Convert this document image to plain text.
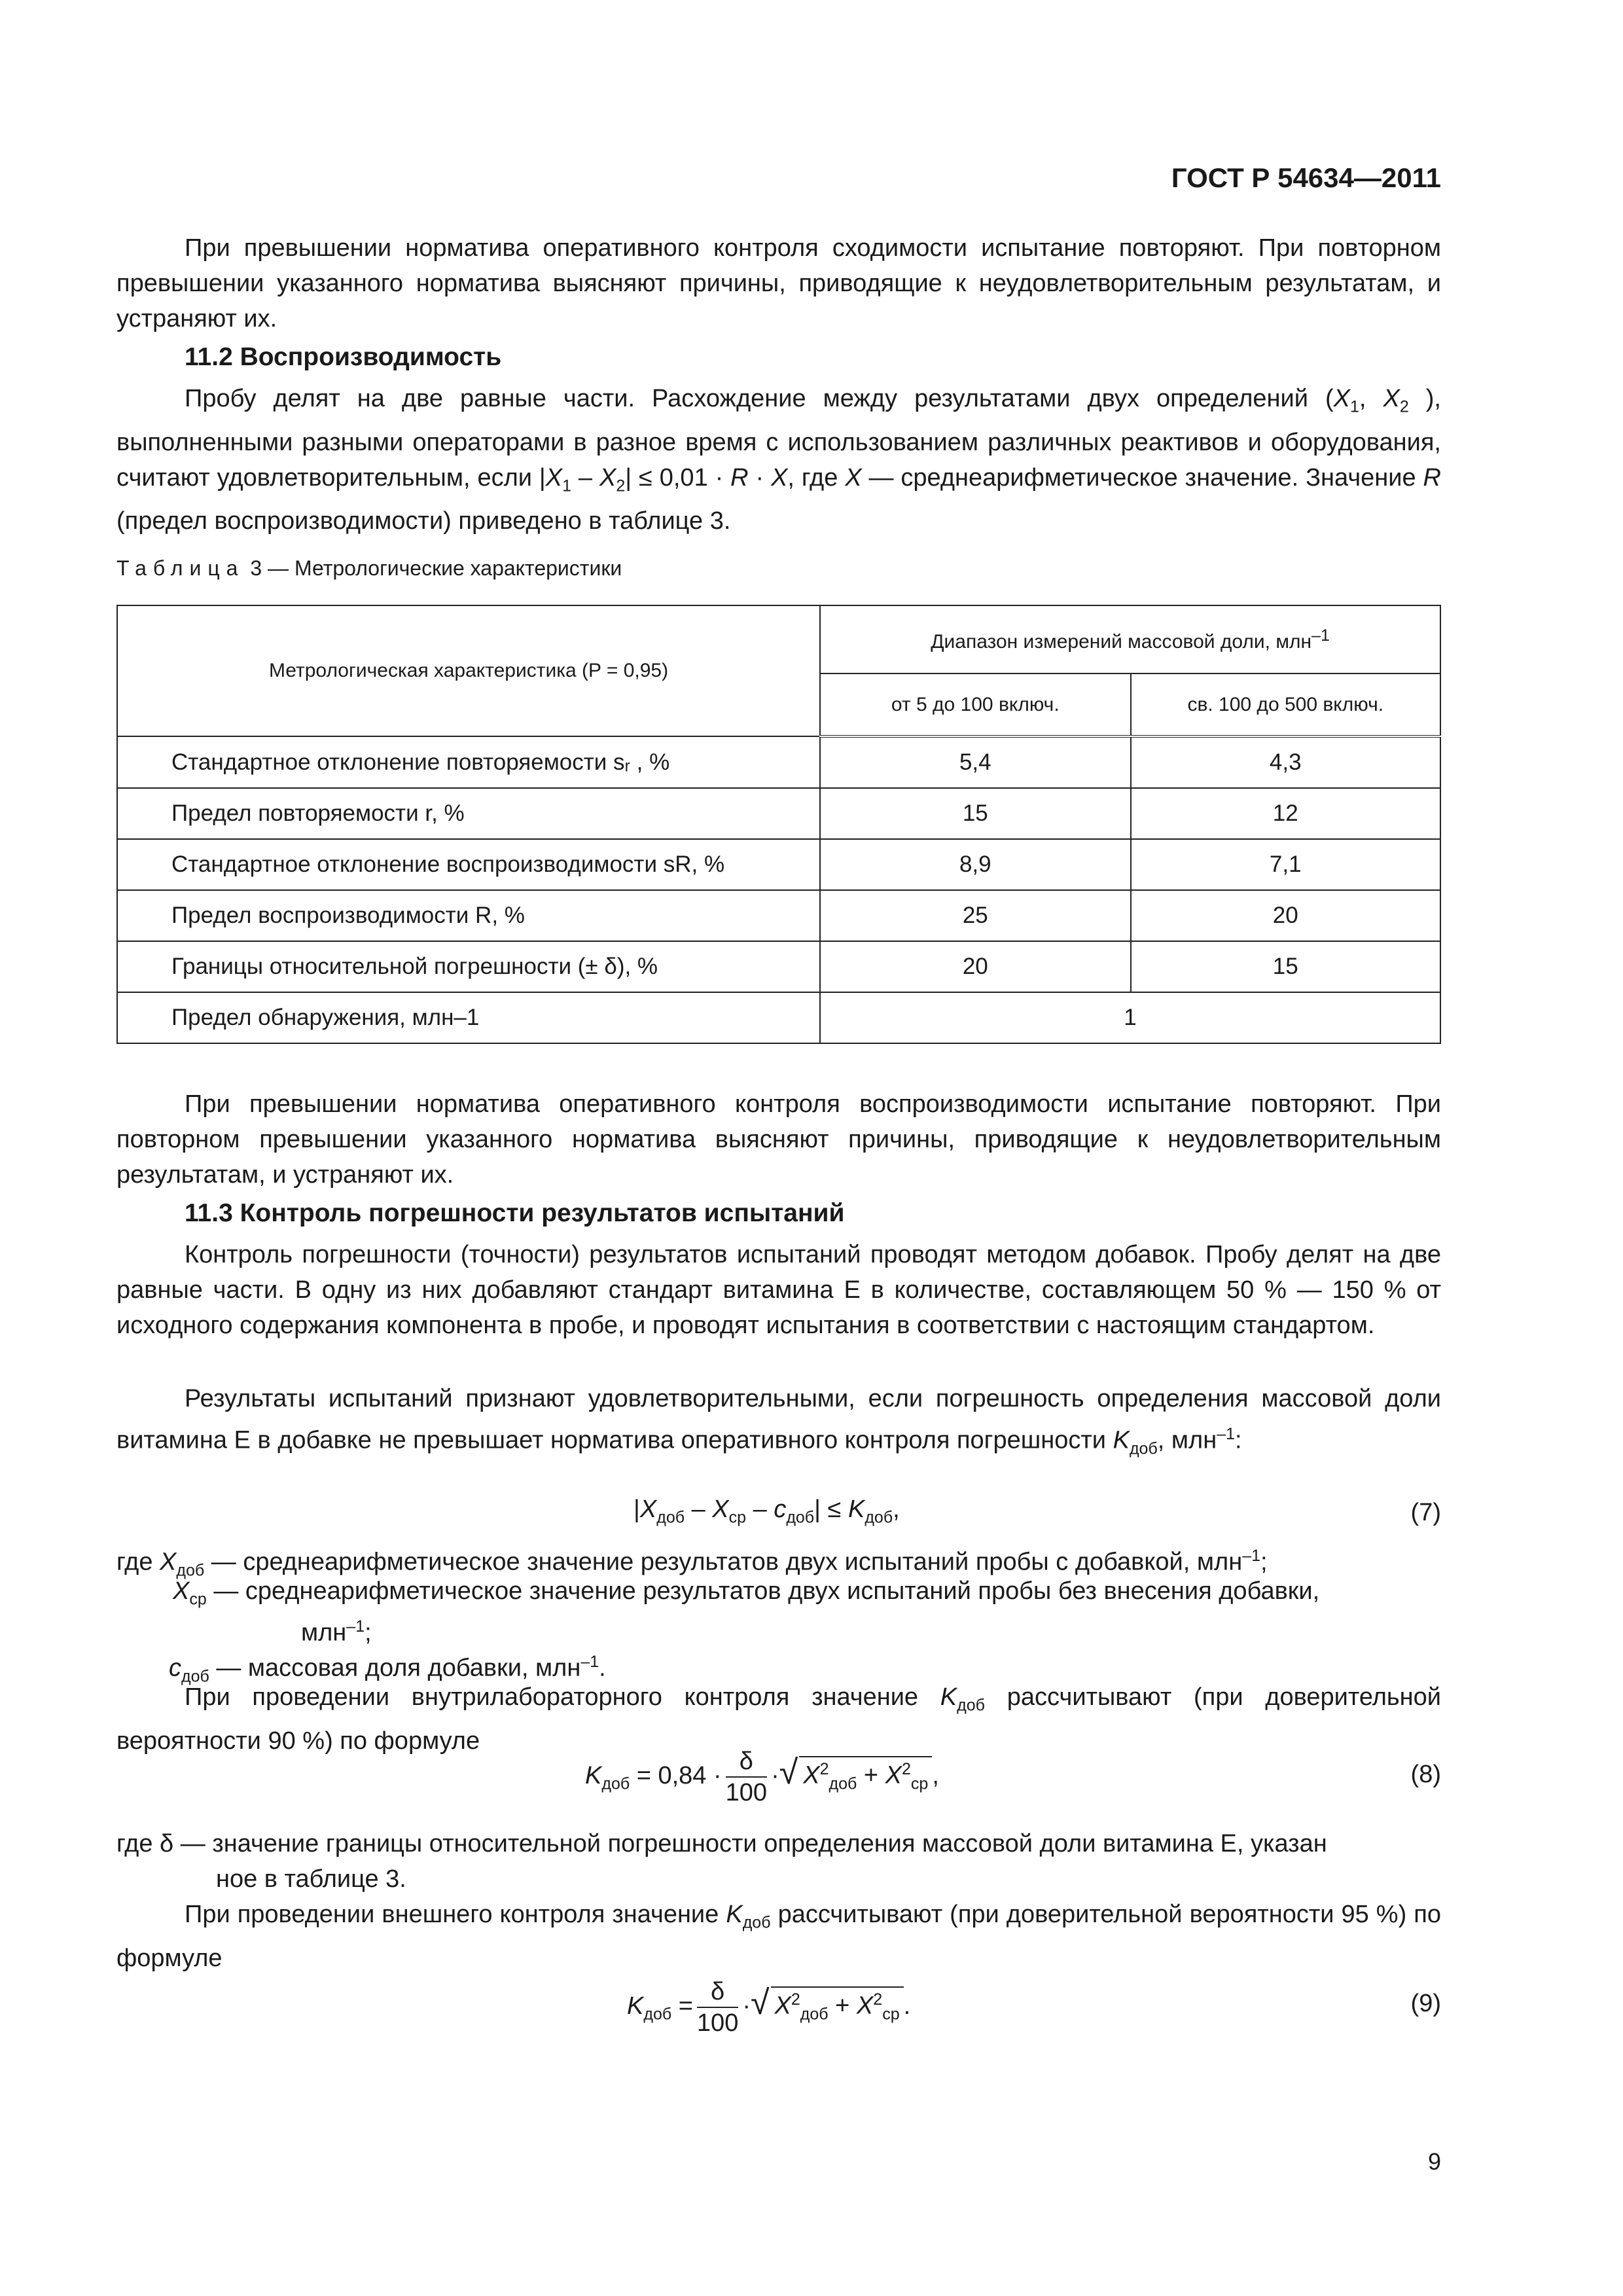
ГОСТ Р 54634—2011

При превышении норматива оперативного контроля сходимости испытание повторяют. При повторном превышении указанного норматива выясняют причины, приводящие к неудовлетворительным результатам, и устраняют их.

11.2 Воспроизводимость

Пробу делят на две равные части. Расхождение между результатами двух определений ($X_1$, $X_2$ ), выполненными разными операторами в разное время с использованием различных реактивов и оборудования, считают удовлетворительным, если $|X_1 - X_2| \le 0,01 \cdot R \cdot X$, где X — среднеарифметическое значение. Значение R (предел воспроизводимости) приведено в таблице 3.

Таблица 3 — Метрологические характеристики
Метрологическая характеристика (P = 0,95)	Диапазон измерений массовой доли, млн$^{-1}$
	от 5 до 100 включ.	св. 100 до 500 включ.
Стандартное отклонение повторяемости sᵣ , %	5,4	4,3
Предел повторяемости r, %	15	12
Стандартное отклонение воспроизводимости sR, %	8,9	7,1
Предел воспроизводимости R, %	25	20
Границы относительной погрешности (± δ), %	20	15
Предел обнаружения, млн–1	1	

При превышении норматива оперативного контроля воспроизводимости испытание повторяют. При повторном превышении указанного норматива выясняют причины, приводящие к неудовлетворительным результатам, и устраняют их.

11.3 Контроль погрешности результатов испытаний

Контроль погрешности (точности) результатов испытаний проводят методом добавок. Пробу делят на две равные части. В одну из них добавляют стандарт витамина Е в количестве, составляющем 50 % — 150 % от исходного содержания компонента в пробе, и проводят испытания в соответствии с настоящим стандартом.

Результаты испытаний признают удовлетворительными, если погрешность определения массовой доли витамина Е в добавке не превышает норматива оперативного контроля погрешности $K_{доб}$, млн$^{-1}$:

$|X_{доб} - X_{ср} - c_{доб}| \le K_{доб}$,	(7)
где $X_{доб}$ — среднеарифметическое значение результатов двух испытаний пробы с добавкой, млн$^{-1}$;
$X_{ср}$ — среднеарифметическое значение результатов двух испытаний пробы без внесения добавки,
млн$^{-1}$;
$c_{доб}$ — массовая доля добавки, млн$^{-1}$.

При проведении внутрилабораторного контроля значение $K_{доб}$ рассчитывают (при доверительной вероятности 90 %) по формуле

$K_{доб} = 0,84 \cdot \frac{\delta}{100}$ ·√ $X^2_{доб} + X^2_{ср}$ ,	(8)
где δ — значение границы относительной погрешности определения массовой доли витамина Е, указан
ное в таблице 3.

При проведении внешнего контроля значение $K_{доб}$ рассчитывают (при доверительной вероятности 95 %) по формуле

$K_{доб} = \frac{\delta}{100}$ ·√ $X^2_{доб} + X^2_{ср}$ .	(9)
9
